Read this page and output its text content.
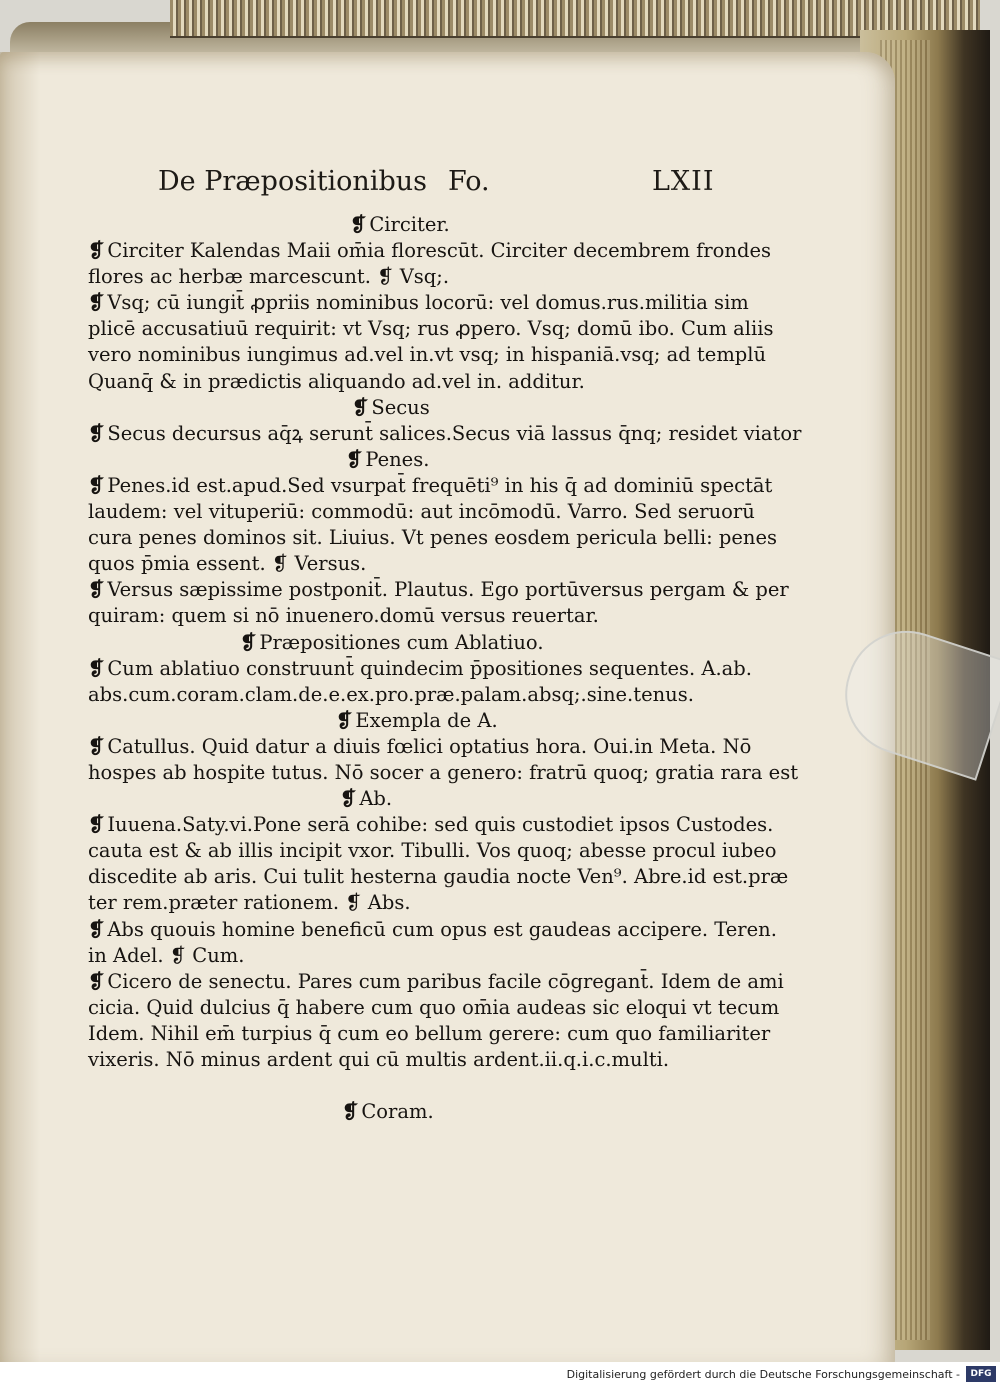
De Præpositionibus Fo.	LXII
❡ Circiter.
❡ Circiter Kalendas Maii om̄ia florescūt. Circiter decembrem frondes
flores ac herbæ marcescunt. ❡ Vsq;.
❡ Vsq; cū iungit̄ ꝓpriis nominibus locorū: vel domus.rus.militia sim
plicē accusatiuū requirit: vt Vsq; rus ꝓpero. Vsq; domū ibo. Cum aliis
vero nominibus iungimus ad.vel in.vt vsq; in hispaniā.vsq; ad templū
Quanq̄ & in prædictis aliquando ad.vel in. additur.
❡ Secus
❡ Secus decursus aq̄ꝝ serunt̄ salices.Secus viā lassus q̄nq; residet viator
❡ Penes.
❡ Penes.id est.apud.Sed vsurpat̄ frequēti⁹ in his q̄ ad dominiū spectāt
laudem: vel vituperiū: commodū: aut incōmodū. Varro. Sed seruorū
cura penes dominos sit. Liuius. Vt penes eosdem pericula belli: penes
quos p̄mia essent. ❡ Versus.
❡ Versus sæpissime postponit̄. Plautus. Ego portūversus pergam & per
quiram: quem si nō inuenero.domū versus reuertar.
❡ Præpositiones cum Ablatiuo.
❡ Cum ablatiuo construunt̄ quindecim p̄positiones sequentes. A.ab.
abs.cum.coram.clam.de.e.ex.pro.præ.palam.absq;.sine.tenus.
❡ Exempla de A.
❡ Catullus. Quid datur a diuis fœlici optatius hora. Oui.in Meta. Nō
hospes ab hospite tutus. Nō socer a genero: fratrū quoq; gratia rara est
❡ Ab.
❡ Iuuena.Saty.vi.Pone serā cohibe: sed quis custodiet ipsos Custodes.
cauta est & ab illis incipit vxor. Tibulli. Vos quoq; abesse procul iubeo
discedite ab aris. Cui tulit hesterna gaudia nocte Ven⁹. Abre.id est.præ
ter rem.præter rationem. ❡ Abs.
❡ Abs quouis homine beneficū cum opus est gaudeas accipere. Teren.
in Adel. ❡ Cum.
❡ Cicero de senectu. Pares cum paribus facile cōgregant̄. Idem de ami
cicia. Quid dulcius q̄ habere cum quo om̄ia audeas sic eloqui vt tecum
Idem. Nihil em̄ turpius q̄ cum eo bellum gerere: cum quo familiariter
vixeris. Nō minus ardent qui cū multis ardent.ii.q.i.c.multi.
❡ Coram.
Digitalisierung gefördert durch die Deutsche Forschungsgemeinschaft -	DFG
